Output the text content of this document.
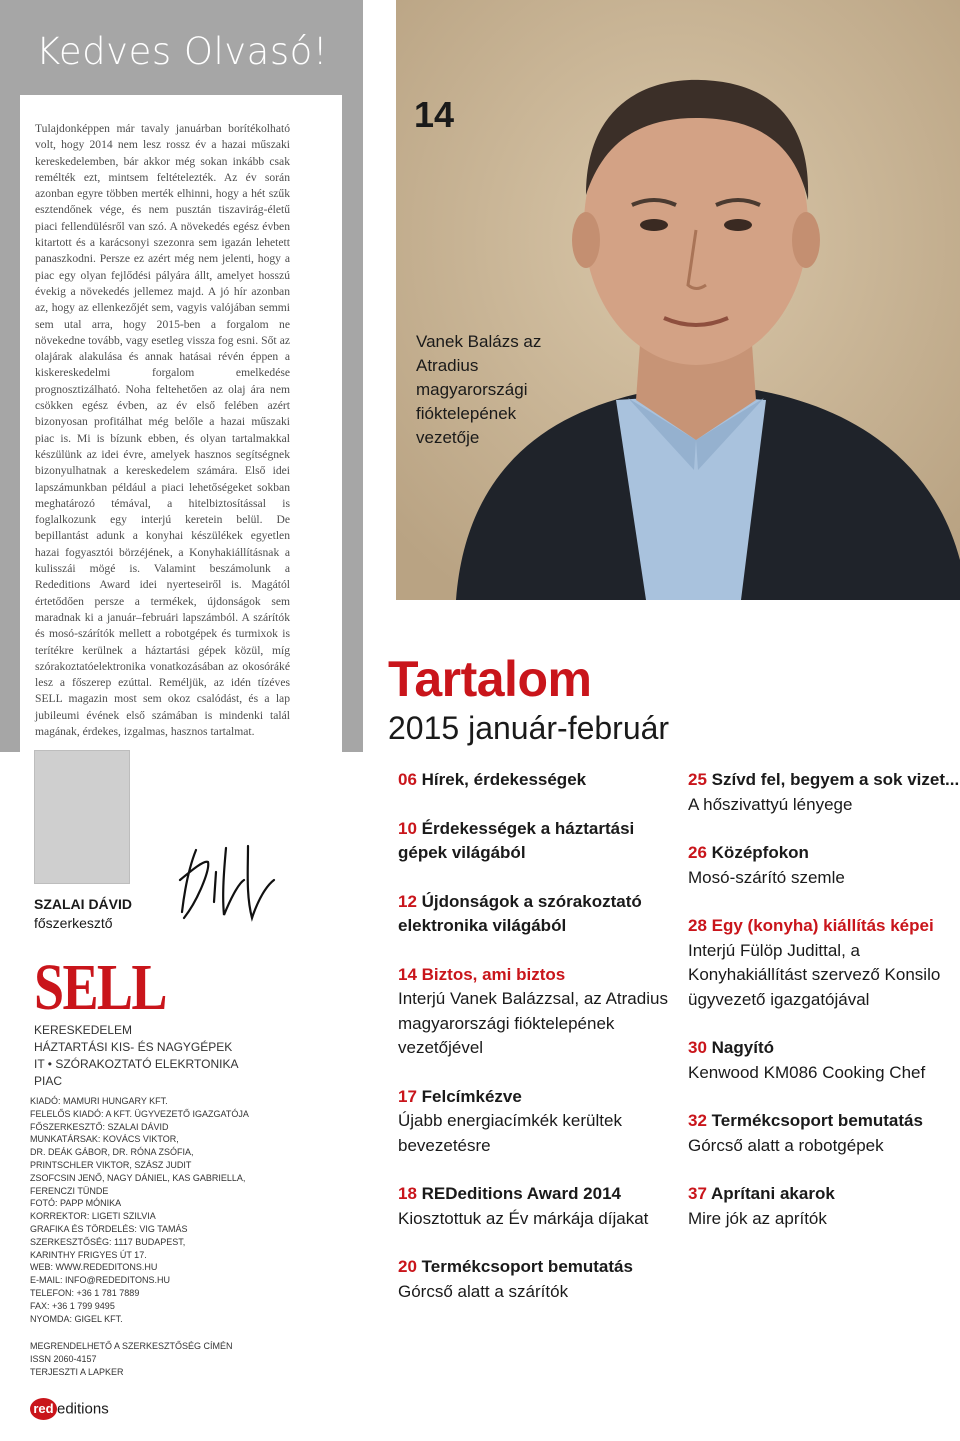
Kedves Olvasó!
Tulajdonképpen már tavaly januárban borítékolható volt, hogy 2014 nem lesz rossz év a hazai műszaki kereskedelemben, bár akkor még sokan inkább csak remélték ezt, mintsem feltételezték. Az év során azonban egyre többen merték elhinni, hogy a hét szűk esztendőnek vége, és nem pusztán tiszavirág-életű piaci fellendülésről van szó. A növekedés egész évben kitartott és a karácsonyi szezonra sem igazán lehetett panaszkodni. Persze ez azért még nem jelenti, hogy a piac egy olyan fejlődési pályára állt, amelyet hosszú évekig a növekedés jellemez majd. A jó hír azonban az, hogy az ellenkezőjét sem, vagyis valójában semmi sem utal arra, hogy 2015-ben a forgalom ne növekedne tovább, vagy esetleg vissza fog esni. Sőt az olajárak alakulása és annak hatásai révén éppen a kiskereskedelmi forgalom emelkedése prognosztizálható. Noha feltehetően az olaj ára nem csökken egész évben, az év első felében azért bizonyosan profitálhat még belőle a hazai műszaki piac is. Mi is bízunk ebben, és olyan tartalmakkal készülünk az idei évre, amelyek hasznos segítségnek bizonyulhatnak a kereskedelem számára. Első idei lapszámunkban például a piaci lehetőségeket sokban meghatározó témával, a hitelbiztosítással is foglalkozunk egy interjú keretein belül. De bepillantást adunk a konyhai készülékek egyetlen hazai fogyasztói börzéjének, a Konyhakiállításnak a kulisszái mögé is. Valamint beszámolunk a Rededitions Award idei nyerteseiről is. Magától értetődően persze a termékek, újdonságok sem maradnak ki a január–februári lapszámból. A szárítók és mosó-szárítók mellett a robotgépek és turmixok is terítékre kerülnek a háztartási gépek közül, míg szórakoztatóelektronika vonatkozásában az okosóráké lesz a főszerep ezúttal. Reméljük, az idén tízéves SELL magazin most sem okoz csalódást, és a lap jubileumi évének első számában is mindenki talál magának, érdekes, izgalmas, hasznos tartalmat.
SZALAI DÁVID
főszerkesztő
SELL
KERESKEDELEM
HÁZTARTÁSI KIS- ÉS NAGYGÉPEK
IT • SZÓRAKOZTATÓ ELEKRTONIKA
PIAC
KIADÓ: MAMURI HUNGARY KFT.
FELELŐS KIADÓ: A KFT. ÜGYVEZETŐ IGAZGATÓJA
FŐSZERKESZTŐ: SZALAI DÁVID
MUNKATÁRSAK: KOVÁCS VIKTOR,
DR. DEÁK GÁBOR, DR. RÓNA ZSÓFIA,
PRINTSCHLER VIKTOR, SZÁSZ JUDIT
ZSOFCSIN JENŐ, NAGY DÁNIEL, KAS GABRIELLA,
FERENCZI TÜNDE
FOTÓ: PAPP MÓNIKA
KORREKTOR: LIGETI SZILVIA
GRAFIKA ÉS TÖRDELÉS: VIG TAMÁS
SZERKESZTŐSÉG: 1117 BUDAPEST,
KARINTHY FRIGYES ÚT 17.
WEB: WWW.REDEDITONS.HU
E-MAIL: INFO@REDEDITONS.HU
TELEFON: +36 1 781 7889
FAX: +36 1 799 9495
NYOMDA: GIGEL KFT.
MEGRENDELHETŐ A SZERKESZTŐSÉG CÍMÉN
ISSN 2060-4157
TERJESZTI A LAPKER
red editions
14
Vanek Balázs az Atradius magyarországi fióktelepének vezetője
Tartalom
2015 január-február
06 Hírek, érdekességek
10 Érdekességek a háztartási gépek világából
12 Újdonságok a szórakoztató elektronika világából
14 Biztos, ami biztos
Interjú Vanek Balázzsal, az Atradius magyarországi fióktelepének vezetőjével
17 Felcímkézve
Újabb energiacímkék kerültek bevezetésre
18 REDeditions Award 2014
Kiosztottuk az Év márkája díjakat
20 Termékcsoport bemutatás
Górcső alatt a szárítók
25 Szívd fel, begyem a sok vizet...
A hőszivattyú lényege
26 Középfokon
Mosó-szárító szemle
28 Egy (konyha) kiállítás képei
Interjú Fülöp Judittal, a Konyhakiállítást szervező Konsilo ügyvezető igazgatójával
30 Nagyító
Kenwood KM086 Cooking Chef
32 Termékcsoport bemutatás
Górcső alatt a robotgépek
37 Aprítani akarok
Mire jók az aprítók
